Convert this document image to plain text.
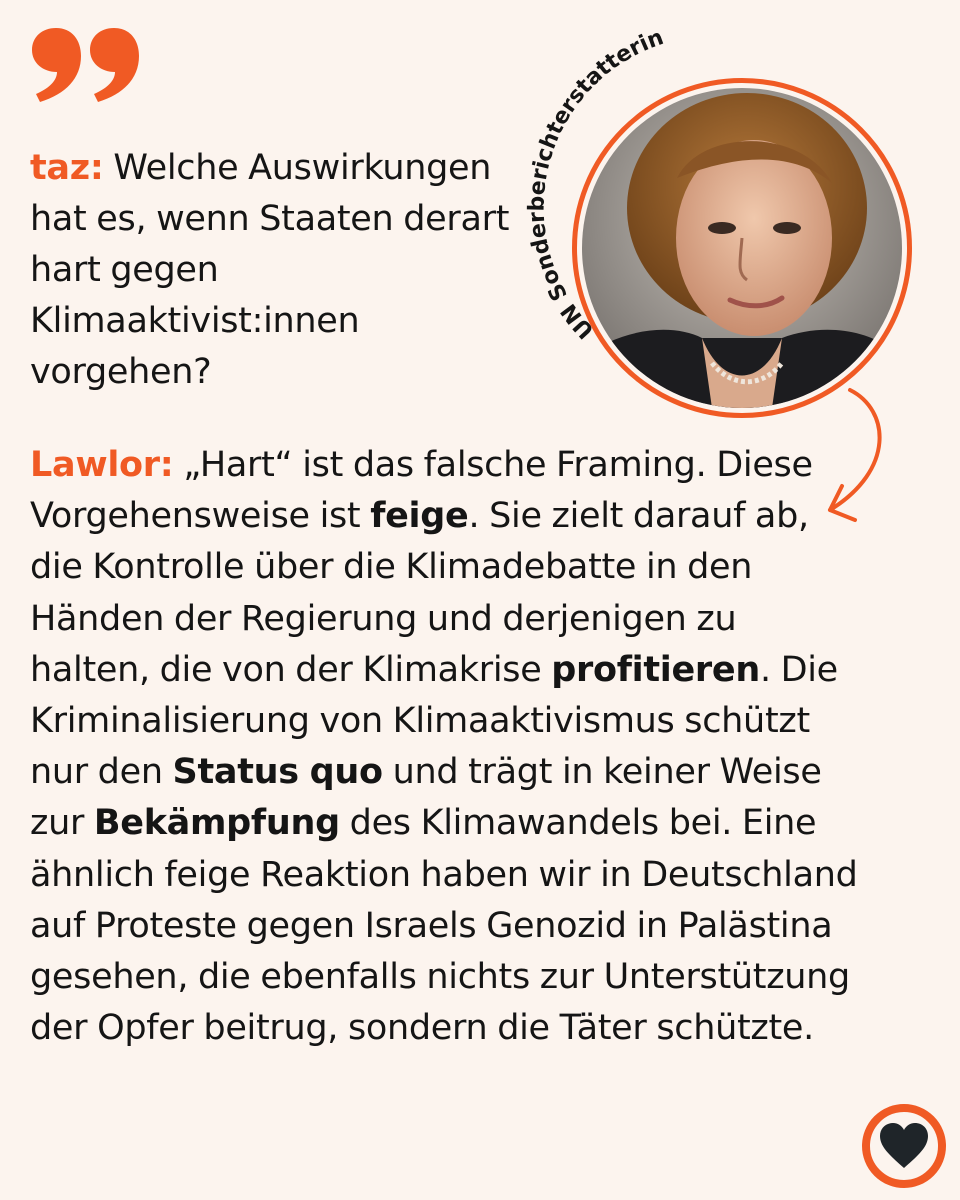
taz: Welche Auswirkungen hat es, wenn Staaten derart hart gegen Klimaaktivist:innen vorgehen?
UN Sonderberichterstatterin
Lawlor: „Hart“ ist das falsche Framing. Diese Vorgehensweise ist feige. Sie zielt darauf ab, die Kontrolle über die Klimadebatte in den Händen der Regierung und derjenigen zu halten, die von der Klimakrise profitieren. Die Kriminalisierung von Klimaaktivismus schützt nur den Status quo und trägt in keiner Weise zur Bekämpfung des Klimawandels bei. Eine ähnlich feige Reaktion haben wir in Deutschland auf Proteste gegen Israels Genozid in Palästina gesehen, die ebenfalls nichts zur Unterstützung der Opfer beitrug, sondern die Täter schützte.
